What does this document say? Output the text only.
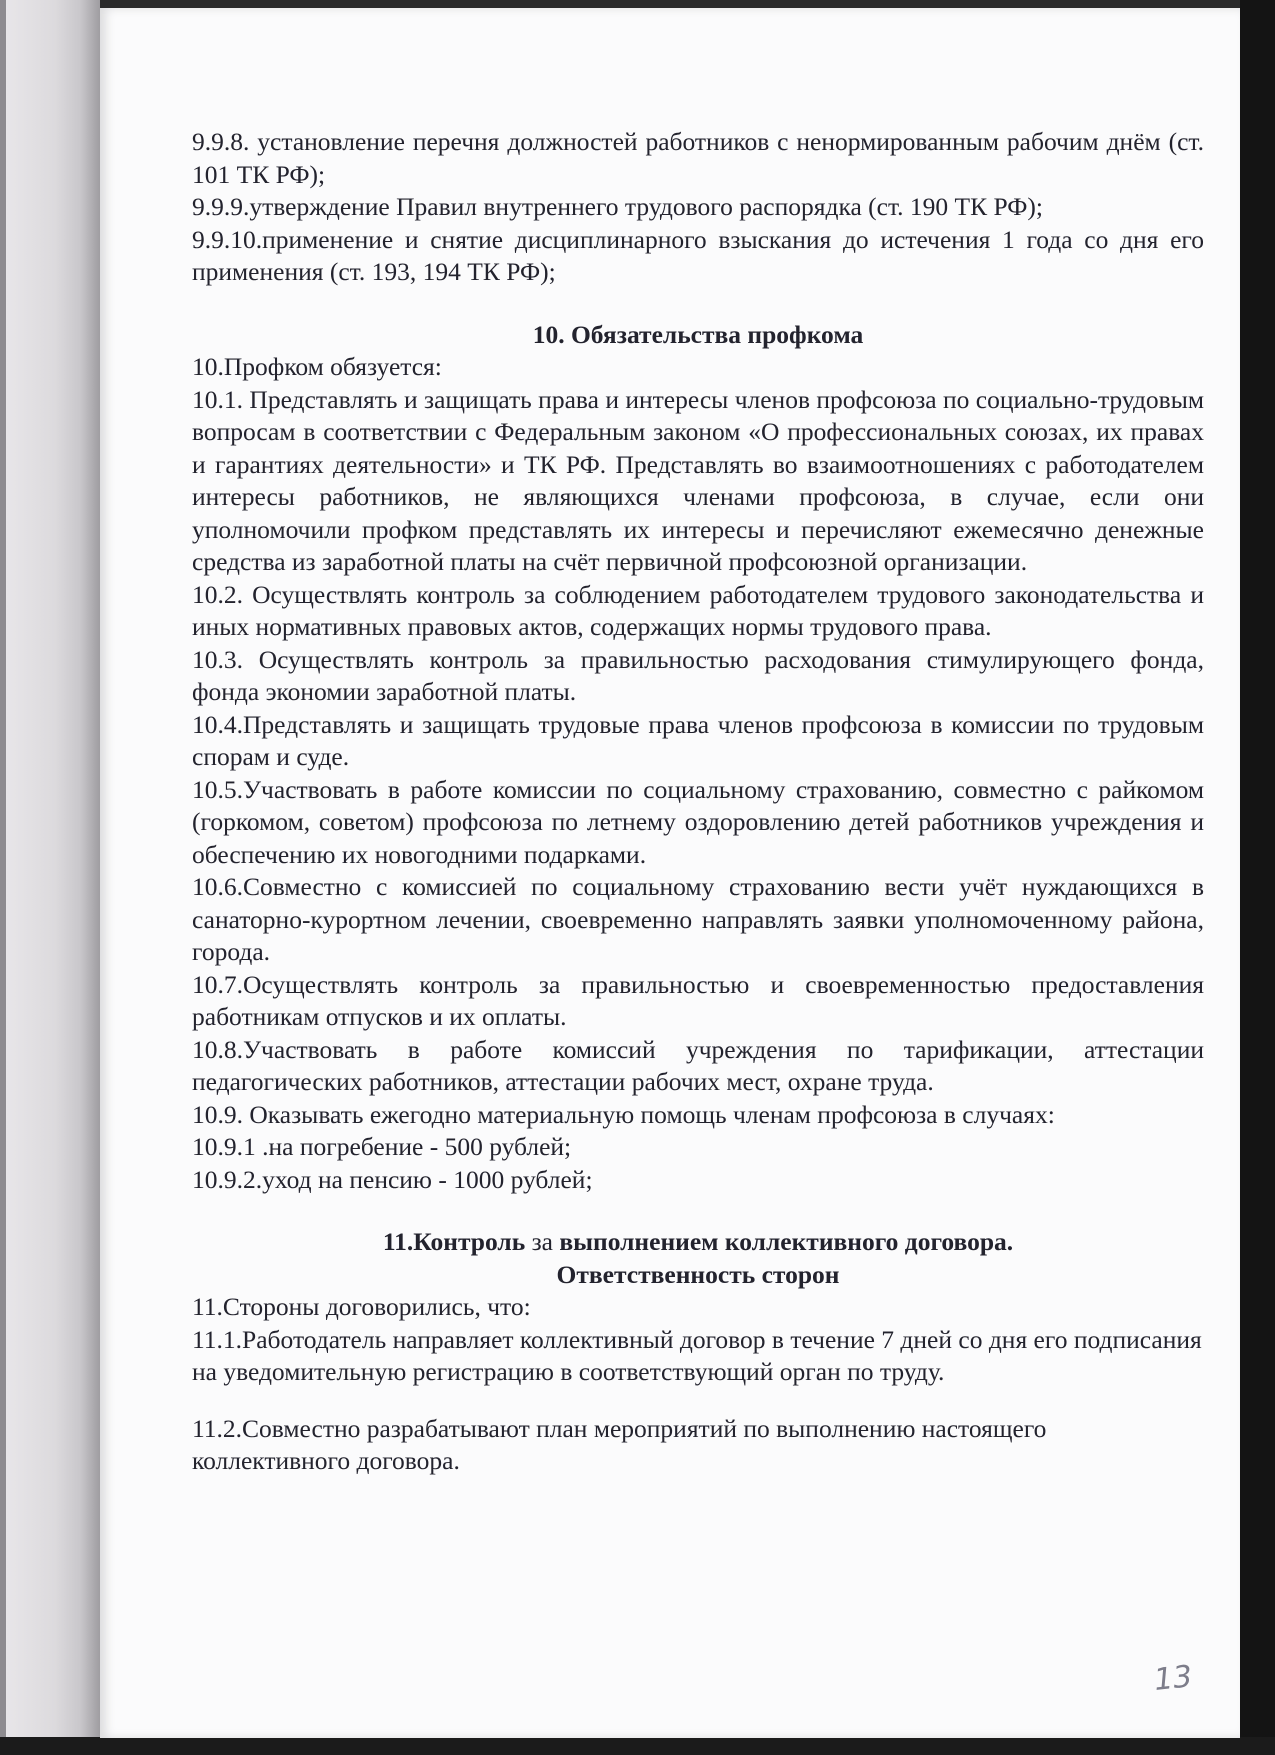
9.9.8. установление перечня должностей работников с ненормированным рабочим днём (ст. 101 ТК РФ);

9.9.9.утверждение Правил внутреннего трудового распорядка (ст. 190 ТК РФ);

9.9.10.применение и снятие дисциплинарного взыскания до истечения 1 года со дня его применения (ст. 193, 194 ТК РФ);

10. Обязательства профкома

10.Профком обязуется:

10.1. Представлять и защищать права и интересы членов профсоюза по социально-трудовым вопросам в соответствии с Федеральным законом «О профессиональных союзах, их правах и гарантиях деятельности» и ТК РФ. Представлять во взаимоотношениях с работодателем интересы работников, не являющихся членами профсоюза, в случае, если они уполномочили профком представлять их интересы и перечисляют ежемесячно денежные средства из заработной платы на счёт первичной профсоюзной организации.

10.2. Осуществлять контроль за соблюдением работодателем трудового законодательства и иных нормативных правовых актов, содержащих нормы трудового права.

10.3. Осуществлять контроль за правильностью расходования стимулирующего фонда, фонда экономии заработной платы.

10.4.Представлять и защищать трудовые права членов профсоюза в комиссии по трудовым спорам и суде.

10.5.Участвовать в работе комиссии по социальному страхованию, совместно с райкомом (горкомом, советом) профсоюза по летнему оздоровлению детей работников учреждения и обеспечению их новогодними подарками.

10.6.Совместно с комиссией по социальному страхованию вести учёт нуждающихся в санаторно-курортном лечении, своевременно направлять заявки уполномоченному района, города.

10.7.Осуществлять контроль за правильностью и своевременностью предоставления работникам отпусков и их оплаты.

10.8.Участвовать в работе комиссий учреждения по тарификации, аттестации педагогических работников, аттестации рабочих мест, охране труда.

10.9. Оказывать ежегодно материальную помощь членам профсоюза в случаях:

10.9.1 .на погребение - 500 рублей;

10.9.2.уход на пенсию - 1000 рублей;

11.Контроль за выполнением коллективного договора.

Ответственность сторон

11.Стороны договорились, что:

11.1.Работодатель направляет коллективный договор в течение 7 дней со дня его подписания на уведомительную регистрацию в соответствующий орган по труду.

11.2.Совместно разрабатывают план мероприятий по выполнению настоящего коллективного договора.

13
